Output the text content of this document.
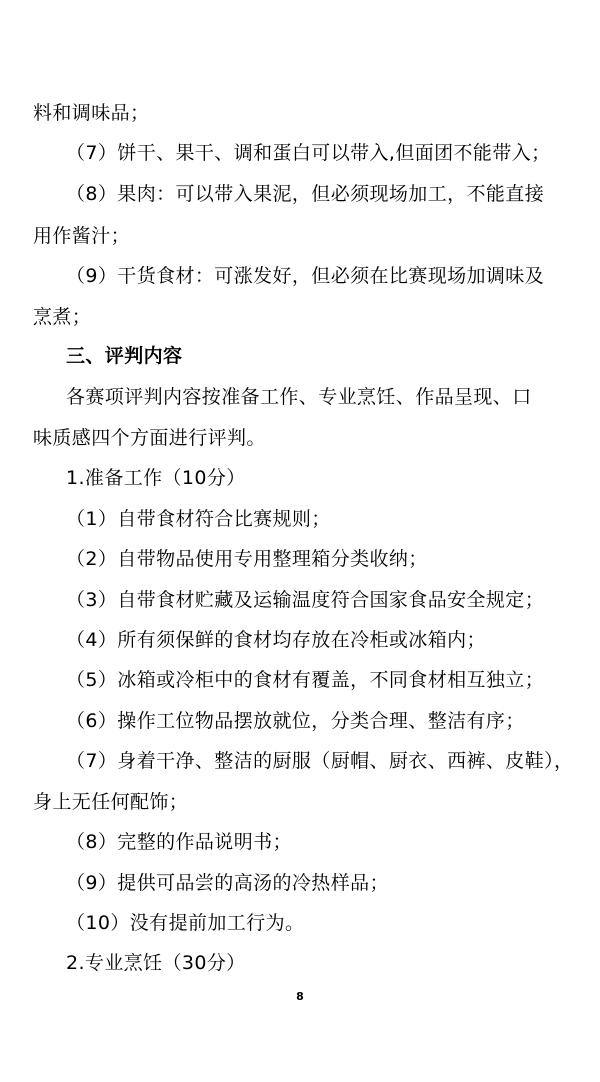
料和调味品；
（7）饼干、果干、调和蛋白可以带入,但面团不能带入；
（8）果肉：可以带入果泥，但必须现场加工，不能直接
用作酱汁；
（9）干货食材：可涨发好，但必须在比赛现场加调味及
烹煮；
三、评判内容
各赛项评判内容按准备工作、专业烹饪、作品呈现、口
味质感四个方面进行评判。
1.准备工作（10分）
（1）自带食材符合比赛规则；
（2）自带物品使用专用整理箱分类收纳；
（3）自带食材贮藏及运输温度符合国家食品安全规定；
（4）所有须保鲜的食材均存放在冷柜或冰箱内；
（5）冰箱或冷柜中的食材有覆盖，不同食材相互独立；
（6）操作工位物品摆放就位，分类合理、整洁有序；
（7）身着干净、整洁的厨服（厨帽、厨衣、西裤、皮鞋），
身上无任何配饰；
（8）完整的作品说明书；
（9）提供可品尝的高汤的冷热样品；
（10）没有提前加工行为。
2.专业烹饪（30分）
8
